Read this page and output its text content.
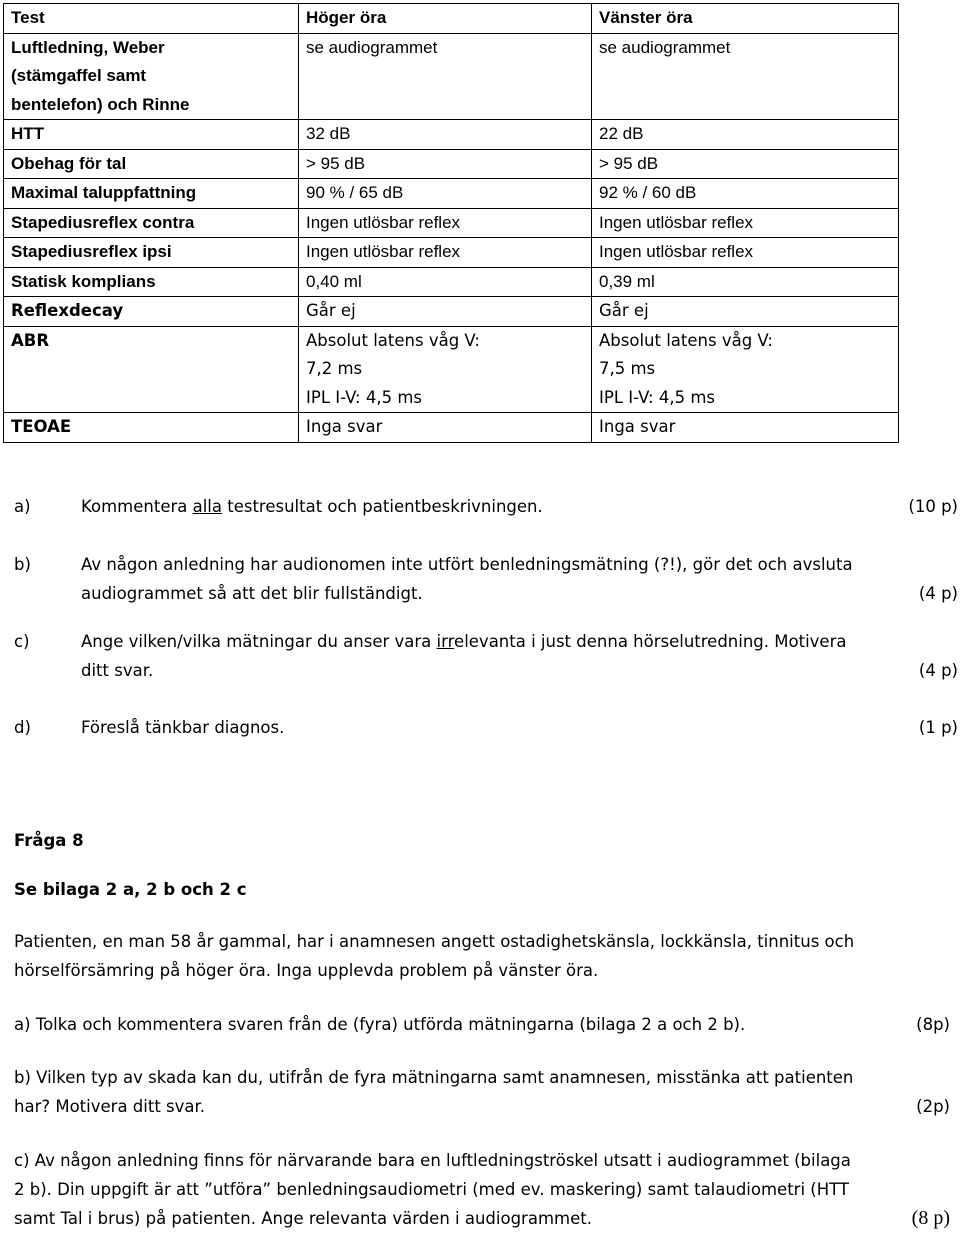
Test	Höger öra	Vänster öra
Luftledning, Weber
(stämgaffel samt
bentelefon) och Rinne	se audiogrammet	se audiogrammet
HTT	32 dB	22 dB
Obehag för tal	> 95 dB	> 95 dB
Maximal taluppfattning	90 % / 65 dB	92 % / 60 dB
Stapediusreflex contra	Ingen utlösbar reflex	Ingen utlösbar reflex
Stapediusreflex ipsi	Ingen utlösbar reflex	Ingen utlösbar reflex
Statisk komplians	0,40 ml	0,39 ml
Reflexdecay	Går ej	Går ej
ABR	Absolut latens våg V:
7,2 ms
IPL I-V: 4,5 ms	Absolut latens våg V:
7,5 ms
IPL I-V: 4,5 ms
TEOAE	Inga svar	Inga svar
a)	Kommentera alla testresultat och patientbeskrivningen.	(10 p)
b)	Av någon anledning har audionomen inte utfört benledningsmätning (?!), gör det och avsluta
audiogrammet så att det blir fullständigt.	(4 p)
c)	Ange vilken/vilka mätningar du anser vara irrelevanta i just denna hörselutredning. Motivera
ditt svar.	(4 p)
d)	Föreslå tänkbar diagnos.	(1 p)
Fråga 8
Se bilaga 2 a, 2 b och 2 c
Patienten, en man 58 år gammal, har i anamnesen angett ostadighetskänsla, lockkänsla, tinnitus och
hörselförsämring på höger öra. Inga upplevda problem på vänster öra.
a) Tolka och kommentera svaren från de (fyra) utförda mätningarna (bilaga 2 a och 2 b).	(8p)
b) Vilken typ av skada kan du, utifrån de fyra mätningarna samt anamnesen, misstänka att patienten
har? Motivera ditt svar.	(2p)
c) Av någon anledning finns för närvarande bara en luftledningströskel utsatt i audiogrammet (bilaga
2 b). Din uppgift är att ”utföra” benledningsaudiometri (med ev. maskering) samt talaudiometri (HTT
samt Tal i brus) på patienten. Ange relevanta värden i audiogrammet.	(8 p)
